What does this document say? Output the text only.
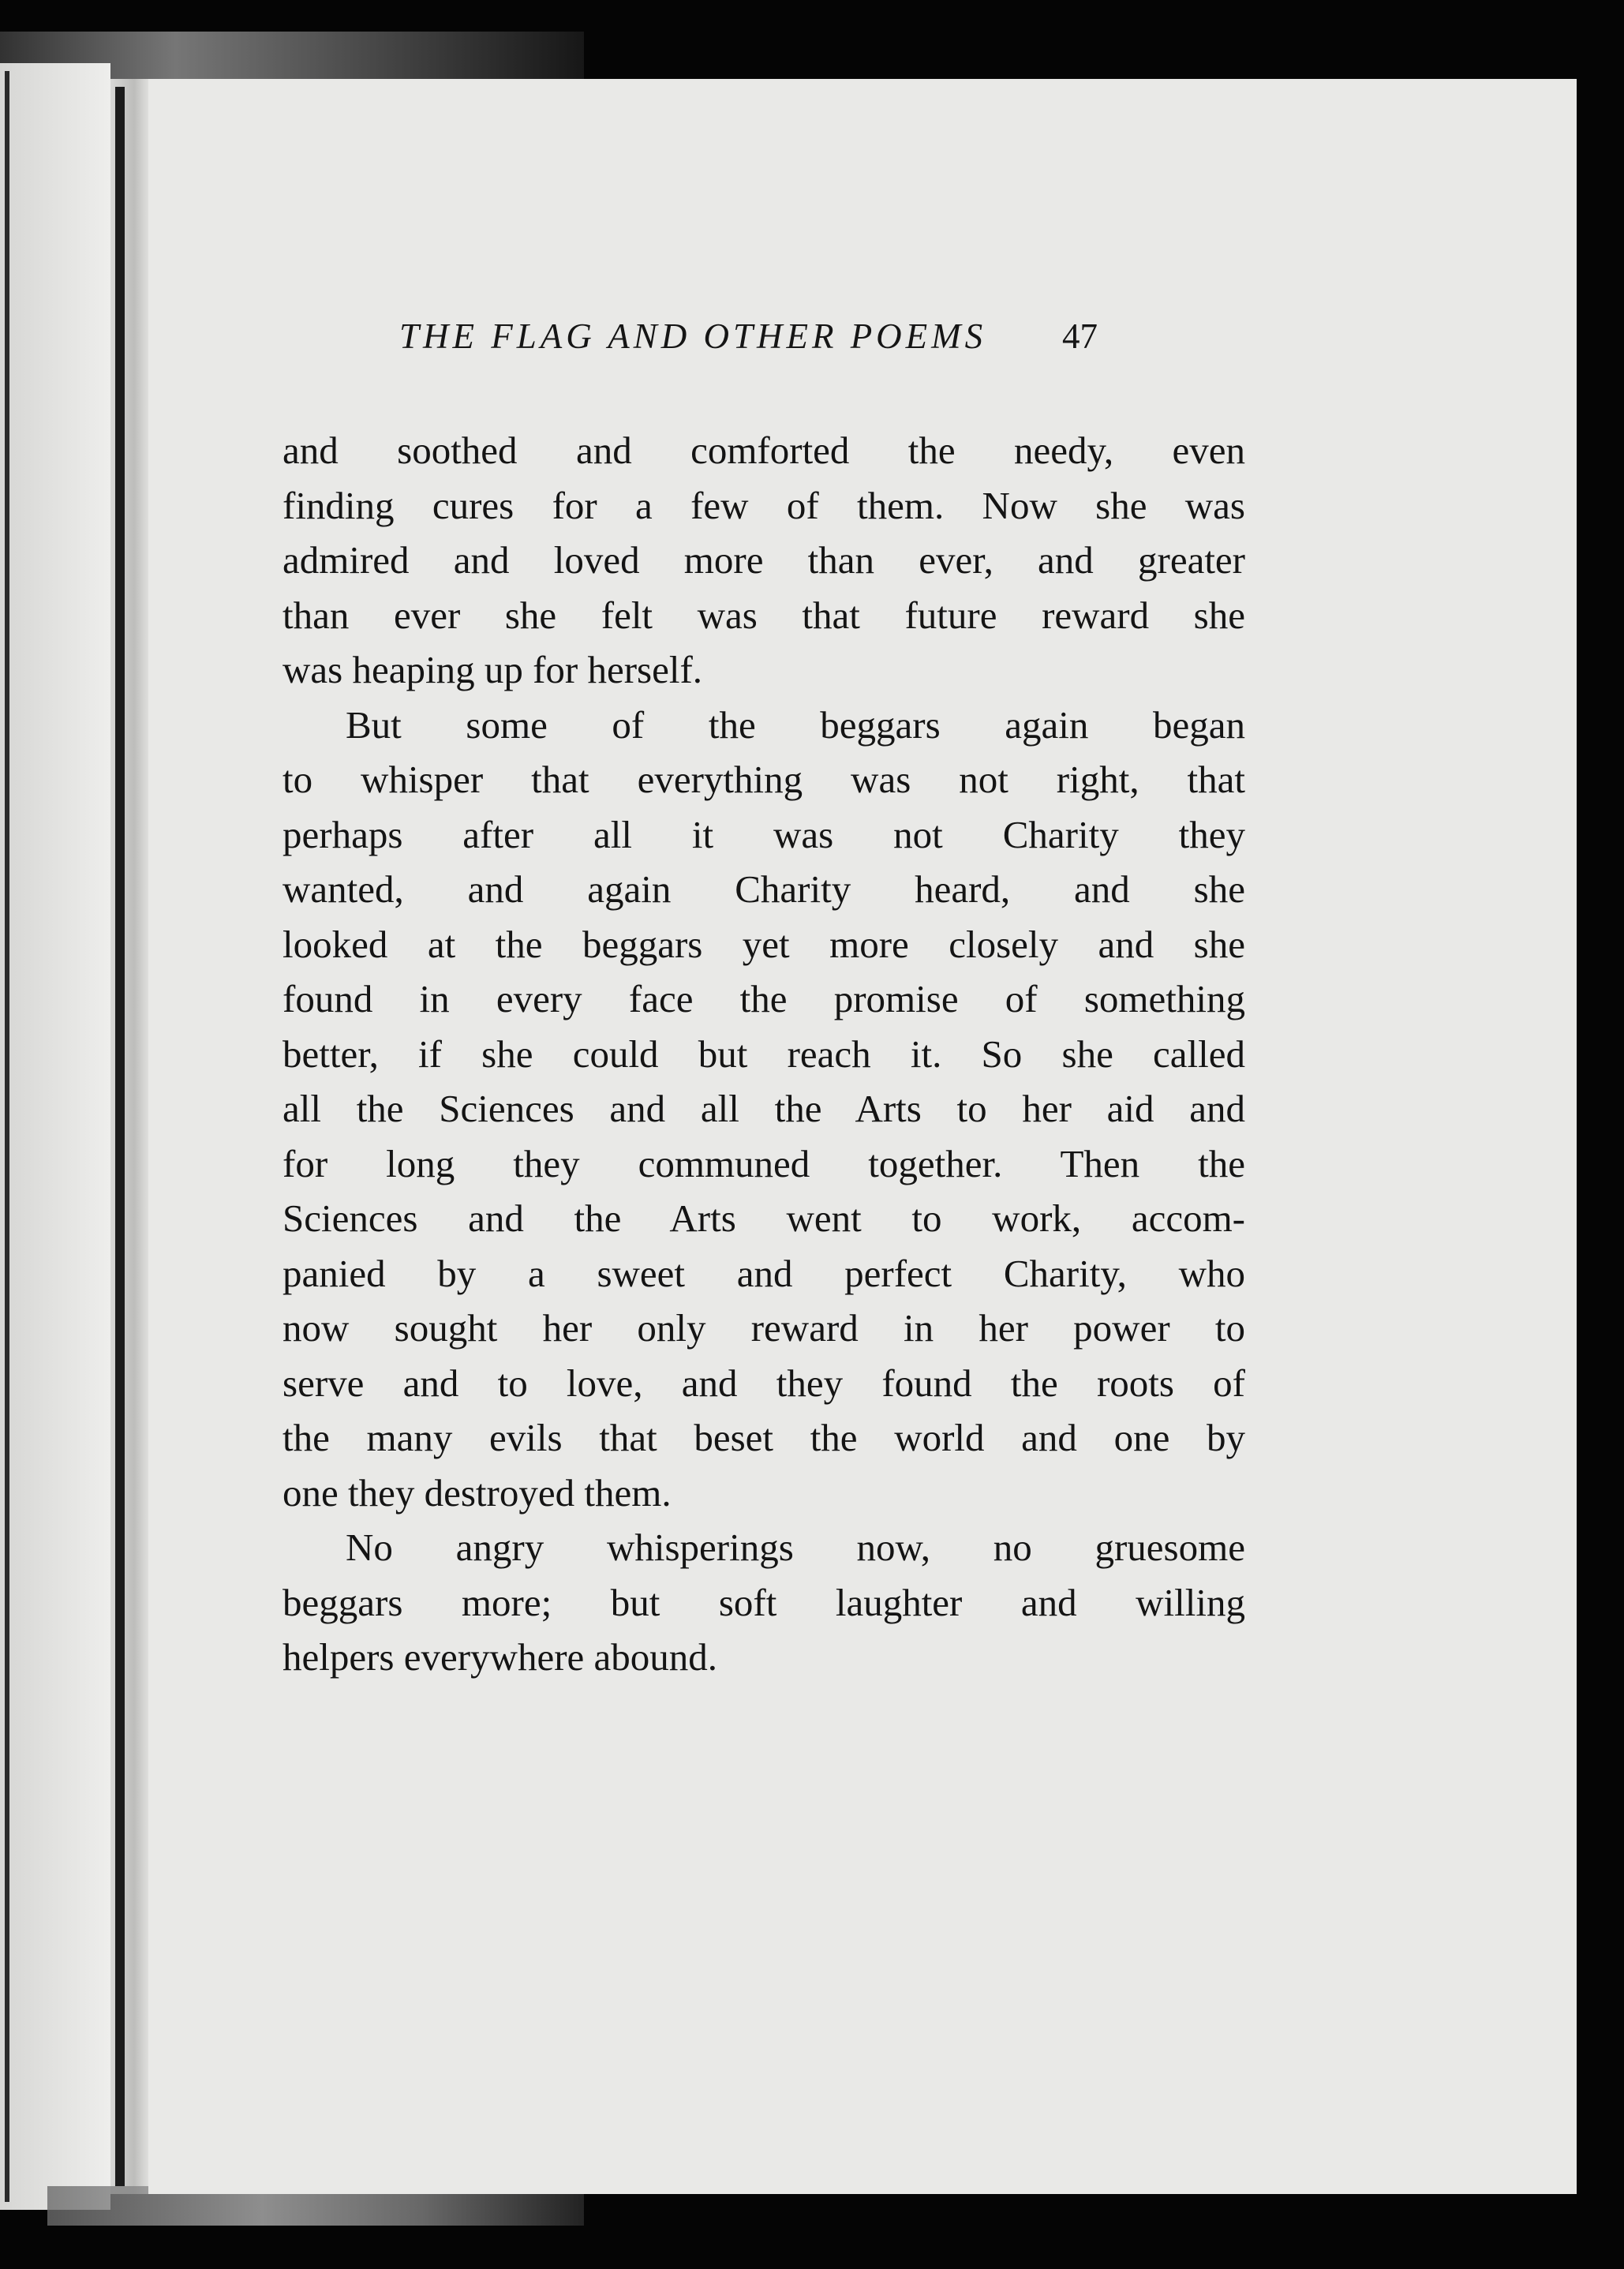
THE FLAG AND OTHER POEMS 47

and soothed and comforted the needy, even
finding cures for a few of them. Now she was
admired and loved more than ever, and greater
than ever she felt was that future reward she
was heaping up for herself.

But some of the beggars again began
to whisper that everything was not right, that
perhaps after all it was not Charity they
wanted, and again Charity heard, and she
looked at the beggars yet more closely and she
found in every face the promise of something
better, if she could but reach it. So she called
all the Sciences and all the Arts to her aid and
for long they communed together. Then the
Sciences and the Arts went to work, accom-
panied by a sweet and perfect Charity, who
now sought her only reward in her power to
serve and to love, and they found the roots of
the many evils that beset the world and one by
one they destroyed them.

No angry whisperings now, no gruesome
beggars more; but soft laughter and willing
helpers everywhere abound.
